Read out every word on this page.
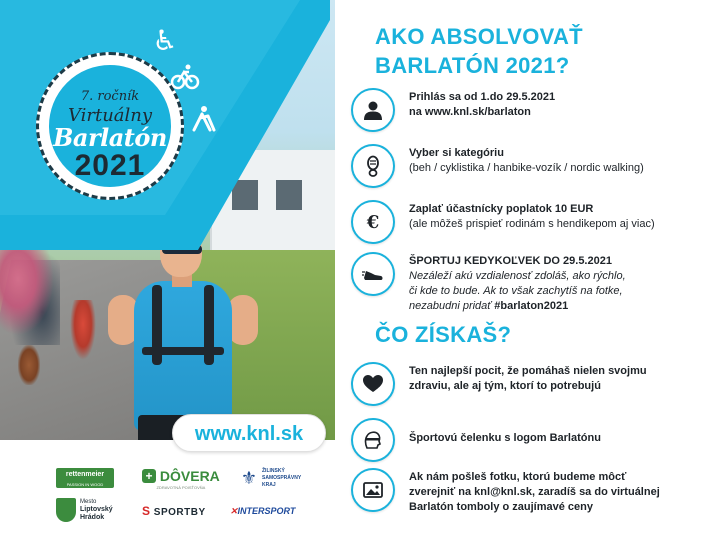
♿
7. ročník
Virtuálny
Barlatón
2021
www.knl.sk
rettenmeier
PASSION IN WOOD
+ DÔVERA
ZDRAVOTNÁ POISŤOVŇA	⚜ ŽILINSKÝ
SAMOSPRÁVNY
KRAJ
Mesto
Liptovský
Hrádok	S SPORTBY	✕INTERSPORT
AKO ABSOLVOVAŤ
BARLATÓN 2021?
Prihlás sa od 1.do 29.5.2021
na www.knl.sk/barlaton
Vyber si kategóriu
(beh / cyklistika / hanbike-vozík / nordic walking)
€
Zaplať účastnícky poplatok 10 EUR
(ale môžeš prispieť rodinám s hendikepom aj viac)
ŠPORTUJ KEDYKOĽVEK DO 29.5.2021
Nezáleží akú vzdialenosť zdoláš, ako rýchlo,
či kde to bude. Ak to však zachytíš na fotke,
nezabudni pridať #barlaton2021
ČO ZÍSKAŠ?
Ten najlepší pocit, že pomáhaš nielen svojmu
zdraviu, ale aj tým, ktorí to potrebujú
Športovú čelenku s logom Barlatónu
Ak nám pošleš fotku, ktorú budeme môcť
zverejniť na knl@knl.sk, zaradíš sa do virtuálnej
Barlatón tomboly o zaujímavé ceny
